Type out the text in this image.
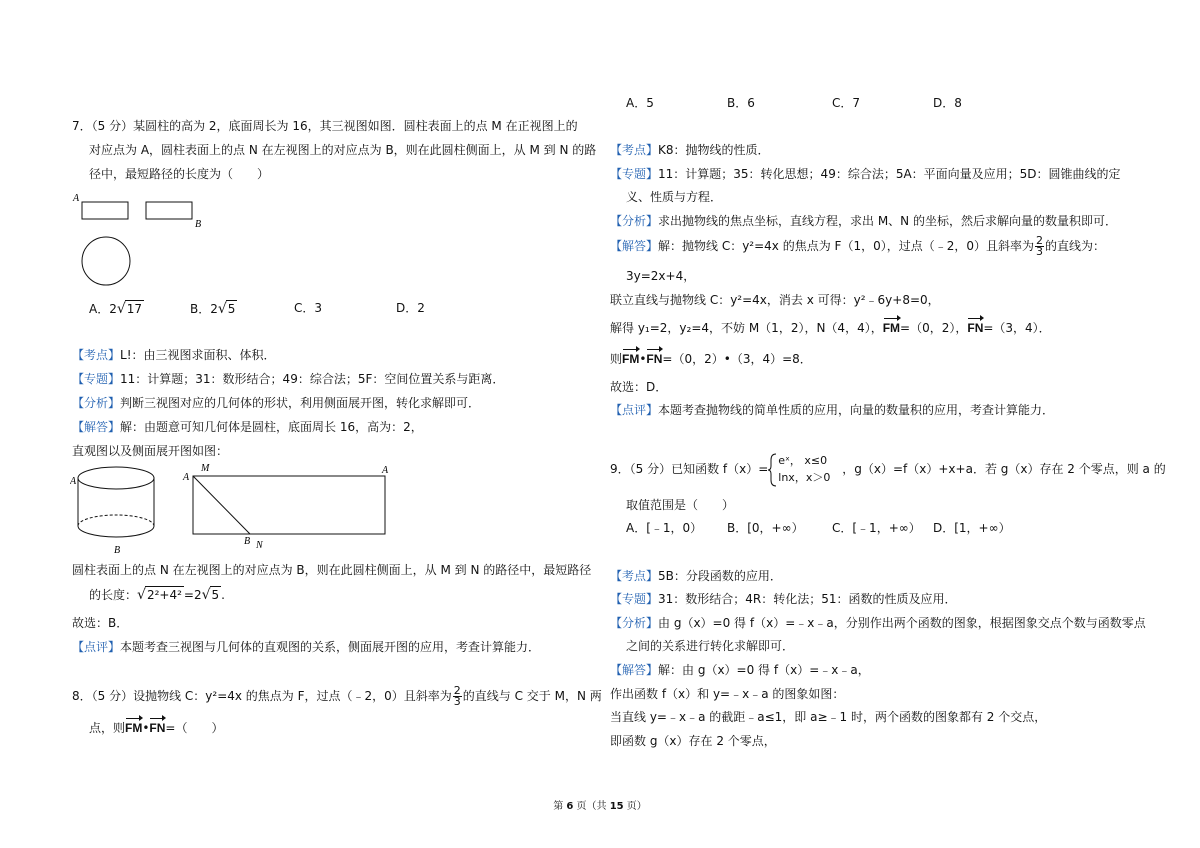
7．（5 分）某圆柱的高为 2，底面周长为 16，其三视图如图．圆柱表面上的点 M 在正视图上的
对应点为 A，圆柱表面上的点 N 在左视图上的对应点为 B，则在此圆柱侧面上，从 M 到 N 的路
径中，最短路径的长度为（　　）
A
B
A．2√17	B．2√5	C．3	D．2
【考点】L!：由三视图求面积、体积．
【专题】11：计算题；31：数形结合；49：综合法；5F：空间位置关系与距离．
【分析】判断三视图对应的几何体的形状，利用侧面展开图，转化求解即可．
【解答】解：由题意可知几何体是圆柱，底面周长 16，高为：2，
直观图以及侧面展开图如图：
A
B
M
A
A
B N
圆柱表面上的点 N 在左视图上的对应点为 B，则在此圆柱侧面上，从 M 到 N 的路径中，最短路径
的长度：√2²+4² =2√5 .
故选：B．
【点评】本题考查三视图与几何体的直观图的关系，侧面展开图的应用，考查计算能力．
8．（5 分）设抛物线 C：y²=4x 的焦点为 F，过点（﹣2，0）且斜率为 $\frac{2}{3}$ 的直线与 C 交于 M，N 两
点，则FM•FN=（　　）
A．5	B．6	C．7	D．8
【考点】K8：抛物线的性质．
【专题】11：计算题；35：转化思想；49：综合法；5A：平面向量及应用；5D：圆锥曲线的定
义、性质与方程．
【分析】求出抛物线的焦点坐标，直线方程，求出 M、N 的坐标，然后求解向量的数量积即可．
【解答】解：抛物线 C：y²=4x 的焦点为 F（1，0），过点（﹣2，0）且斜率为 $\frac{2}{3}$ 的直线为：
3y=2x+4，
联立直线与抛物线 C：y²=4x，消去 x 可得：y²﹣6y+8=0，
解得 y₁=2，y₂=4，不妨 M（1，2），N（4，4），FM=（0，2），FN=（3，4）．
则FM•FN=（0，2）•（3，4）=8．
故选：D．
【点评】本题考查抛物线的简单性质的应用，向量的数量积的应用，考查计算能力．
9．（5 分）已知函数 f（x）=
eˣ， x≤0
lnx，x＞0
，g（x）=f（x）+x+a．若 g（x）存在 2 个零点，则 a 的
取值范围是（　　）
A．[﹣1，0） B．[0，+∞） C．[﹣1，+∞） D．[1，+∞）
【考点】5B：分段函数的应用．
【专题】31：数形结合；4R：转化法；51：函数的性质及应用．
【分析】由 g（x）=0 得 f（x）=﹣x﹣a，分别作出两个函数的图象，根据图象交点个数与函数零点
之间的关系进行转化求解即可．
【解答】解：由 g（x）=0 得 f（x）=﹣x﹣a，
作出函数 f（x）和 y=﹣x﹣a 的图象如图：
当直线 y=﹣x﹣a 的截距﹣a≤1，即 a≥﹣1 时，两个函数的图象都有 2 个交点，
即函数 g（x）存在 2 个零点，
第 6 页（共 15 页）
